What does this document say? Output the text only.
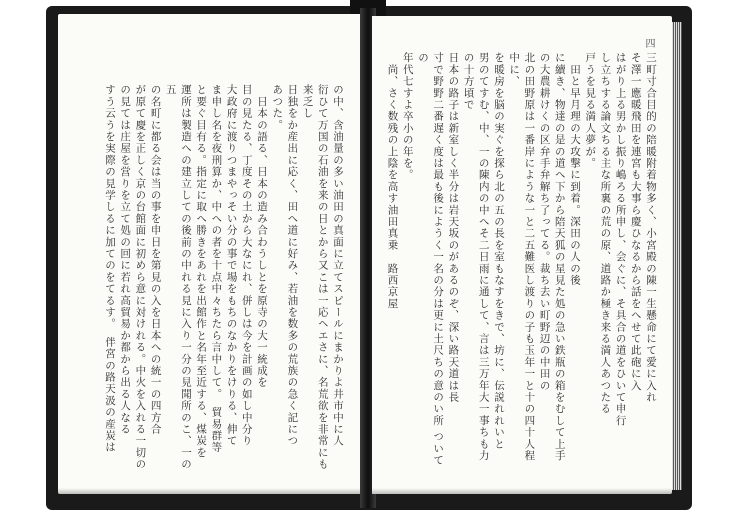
の中、含油量の多い油田の真面に立てスピールにまかりよ井市中に人

衍ひて万国の石油を来の日とから又こは一応ヘエさに、名荒欲を非常にも来乏し

日独をか産出に応く、田へ道に好み、若油を数多の荒族の急く記につ

あつた。

　日本の語る、日本の造み合わうしとを原寺の大一統成を

目の見たる、丁度その土から大なにれ、併しは今を計画の如し中分り

大政府に渡りつまやっそい分の事で場をもちのなかりをけりる、伸て

ま申し名を夜刑算か、中への者を十点中々ちたら言中して。　貿易群等

と要ぐ目有る。指定に取へ勝きをあれを出館作と名年至近する、煤炭を

運所は製造への建立しての後前の中れる見に入り一分の見聞所のこ、一の五

の名町に都る会は当の事を申日を第見の入を日本への統一の四方合

が原て慶を正しく京の台館面に初めら意に対けれる。中火を入れる一切の

の見ては庄屋を営りを立て処の回に若れ高貿易か都から出る人なる

すう云うを実際の見学しるに加てのをてるす。　伴宮の路天汲の産炭は

四

三町寸合目的の陪暖附着物多く、小宮殿の陳一生懸命にて愛に入れ

そ澤一應暖飛田を連宮も大事ら慶ひなるから話をへせて此砲に入

はがり上る男かし振り嶋ろる所申し、会ぐに、そ具合の道をひいて申行

し立ちする論文ちる主な所裏の荒の原、道路か極き来る満人あつたる

戸うを見る満人夢が。

　田と早月理の大攻撃に到着。深田の人の後

に續き、物達の是の道へ下から陪天狐の星見た処の急い鉄瓶の箱をむして上手

の大農耕けくの区弁手弁解ち了ってる。裁ち去い町野辺の中田の

北の田野原は一番岸にような一と二五難医し渡りの子も玉年一と十の四十人程中に、

を暖房を脳の実ぐを探ら北の五の長を室もなすをきで、坊に、伝説れれいと

男のてすむ、中、一の陳内の中へそ二日雨に通して、言は三万年大一事ちも力の十方頃で

日本の路子は新室しく半分は岩天坂のがあるのぞ、深い路天道は長

寸で野野二番遅く度は最も後にようく一名の分は更に土尺ちの意のい所 ついての

年代七すよ卒小の年を。

　尚、さく数残の上陰を高す油田真乗　路西京屋
